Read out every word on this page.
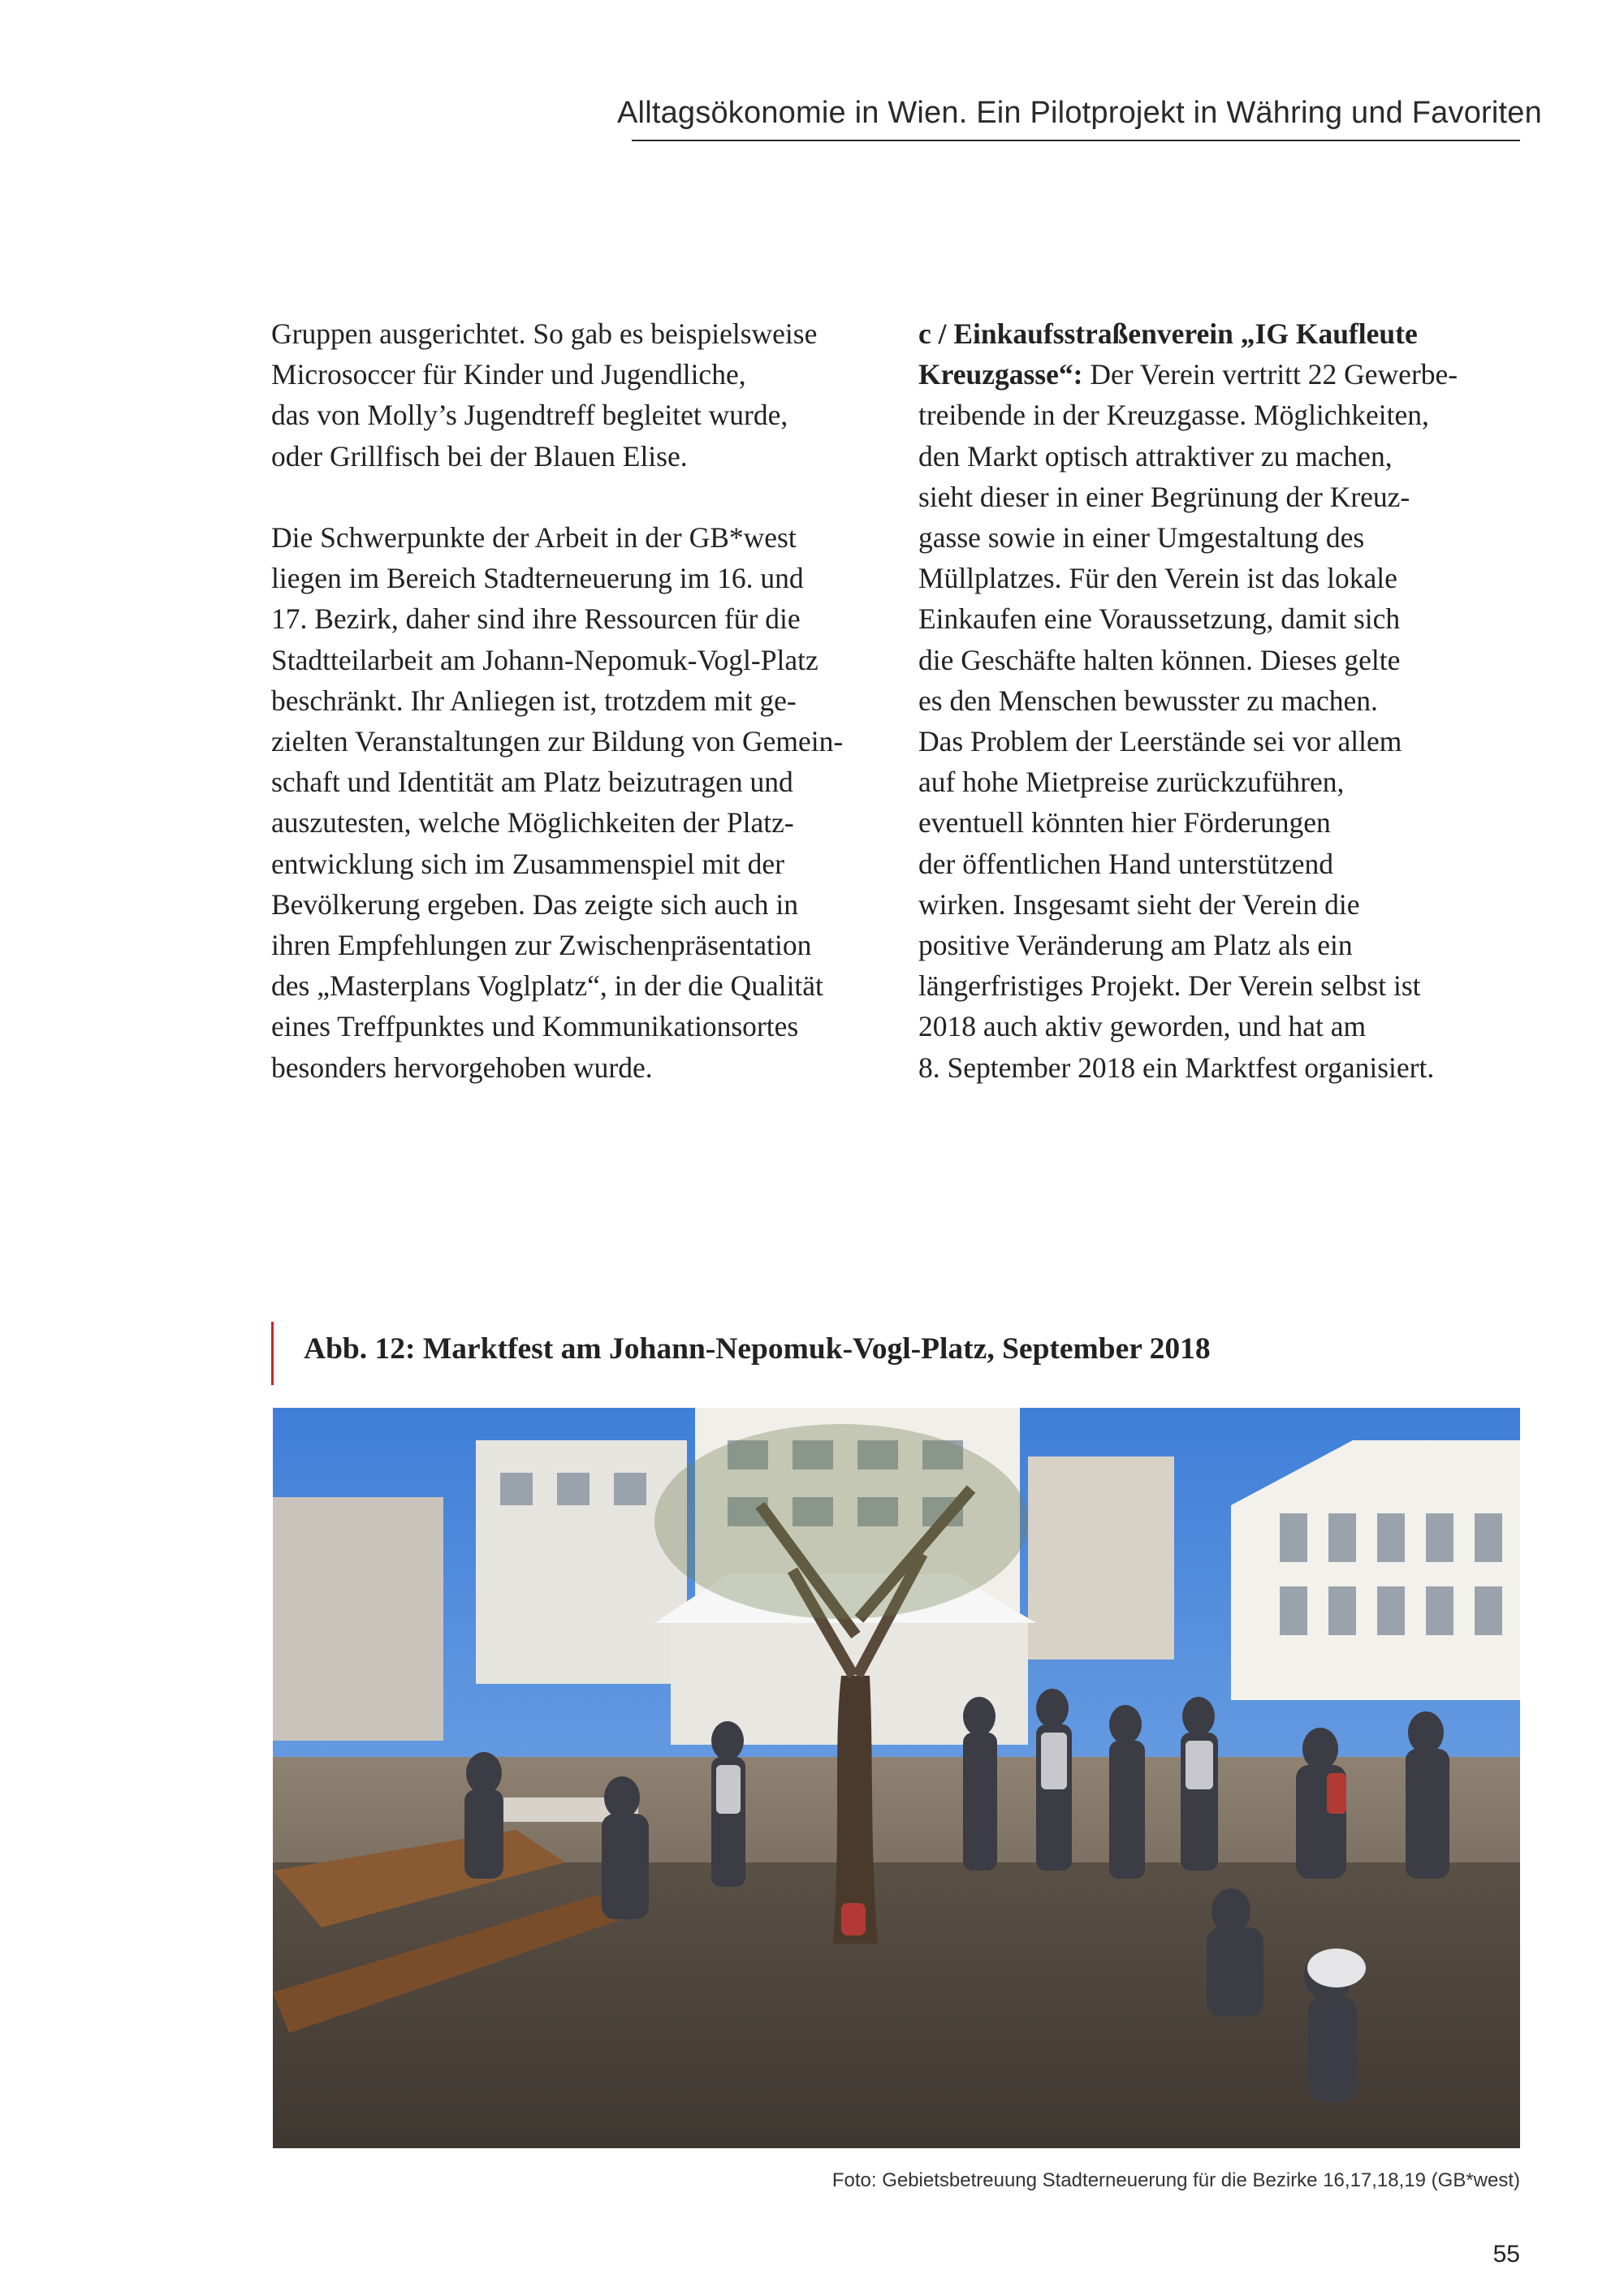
Alltagsökonomie in Wien. Ein Pilotprojekt in Währing und Favoriten
Gruppen ausgerichtet. So gab es beispielsweise
Microsoccer für Kinder und Jugendliche,
das von Molly’s Jugendtreff begleitet wurde,
oder Grillfisch bei der Blauen Elise.
Die Schwerpunkte der Arbeit in der GB*west
liegen im Bereich Stadterneuerung im 16. und
17. Bezirk, daher sind ihre Ressourcen für die
Stadtteilarbeit am Johann-Nepomuk-Vogl-Platz
beschränkt. Ihr Anliegen ist, trotzdem mit ge-
zielten Veranstaltungen zur Bildung von Gemein-
schaft und Identität am Platz beizutragen und
auszutesten, welche Möglichkeiten der Platz-
entwicklung sich im Zusammenspiel mit der
Bevölkerung ergeben. Das zeigte sich auch in
ihren Empfehlungen zur Zwischenpräsentation
des „Masterplans Voglplatz“, in der die Qualität
eines Treffpunktes und Kommunikationsortes
besonders hervorgehoben wurde.
c / Einkaufsstraßenverein „IG Kaufleute
Kreuzgasse“: Der Verein vertritt 22 Gewerbe-
treibende in der Kreuzgasse. Möglichkeiten,
den Markt optisch attraktiver zu machen,
sieht dieser in einer Begrünung der Kreuz-
gasse sowie in einer Umgestaltung des
Müllplatzes. Für den Verein ist das lokale
Einkaufen eine Voraussetzung, damit sich
die Geschäfte halten können. Dieses gelte
es den Menschen bewusster zu machen.
Das Problem der Leerstände sei vor allem
auf hohe Mietpreise zurückzuführen,
eventuell könnten hier Förderungen
der öffentlichen Hand unterstützend
wirken. Insgesamt sieht der Verein die
positive Veränderung am Platz als ein
längerfristiges Projekt. Der Verein selbst ist
2018 auch aktiv geworden, und hat am
8. September 2018 ein Marktfest organisiert.
Abb. 12: Marktfest am Johann-Nepomuk-Vogl-Platz, September 2018
Foto: Gebietsbetreuung Stadterneuerung für die Bezirke 16,17,18,19 (GB*west)
55
